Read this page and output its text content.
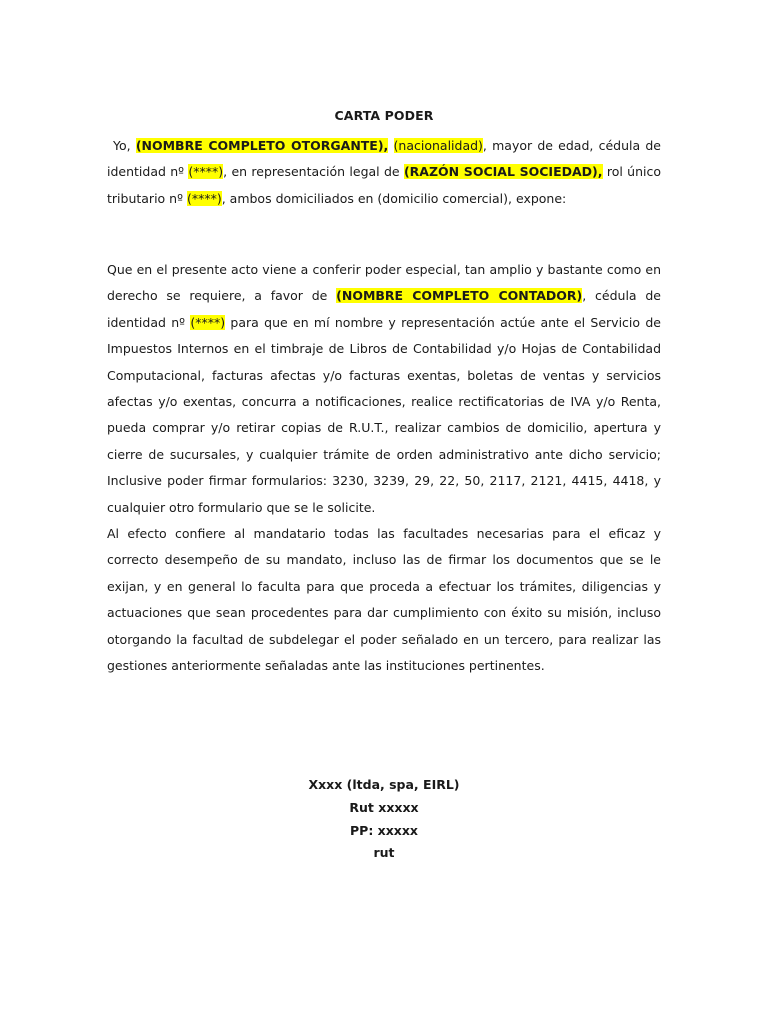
CARTA PODER

Yo, (NOMBRE COMPLETO OTORGANTE), (nacionalidad), mayor de edad, cédula de identidad nº (****), en representación legal de (RAZÓN SOCIAL SOCIEDAD), rol único tributario nº (****), ambos domiciliados en (domicilio comercial), expone:

Que en el presente acto viene a conferir poder especial, tan amplio y bastante como en derecho se requiere, a favor de (NOMBRE COMPLETO CONTADOR), cédula de identidad nº (****) para que en mí nombre y representación actúe ante el Servicio de Impuestos Internos en el timbraje de Libros de Contabilidad y/o Hojas de Contabilidad Computacional, facturas afectas y/o facturas exentas, boletas de ventas y servicios afectas y/o exentas, concurra a notificaciones, realice rectificatorias de IVA y/o Renta, pueda comprar y/o retirar copias de R.U.T., realizar cambios de domicilio, apertura y cierre de sucursales, y cualquier trámite de orden administrativo ante dicho servicio; Inclusive poder firmar formularios: 3230, 3239, 29, 22, 50, 2117, 2121, 4415, 4418, y cualquier otro formulario que se le solicite.

Al efecto confiere al mandatario todas las facultades necesarias para el eficaz y correcto desempeño de su mandato, incluso las de firmar los documentos que se le exijan, y en general lo faculta para que proceda a efectuar los trámites, diligencias y actuaciones que sean procedentes para dar cumplimiento con éxito su misión, incluso otorgando la facultad de subdelegar el poder señalado en un tercero, para realizar las gestiones anteriormente señaladas ante las instituciones pertinentes.

Xxxx (ltda, spa, EIRL)
Rut xxxxx
PP: xxxxx
rut
